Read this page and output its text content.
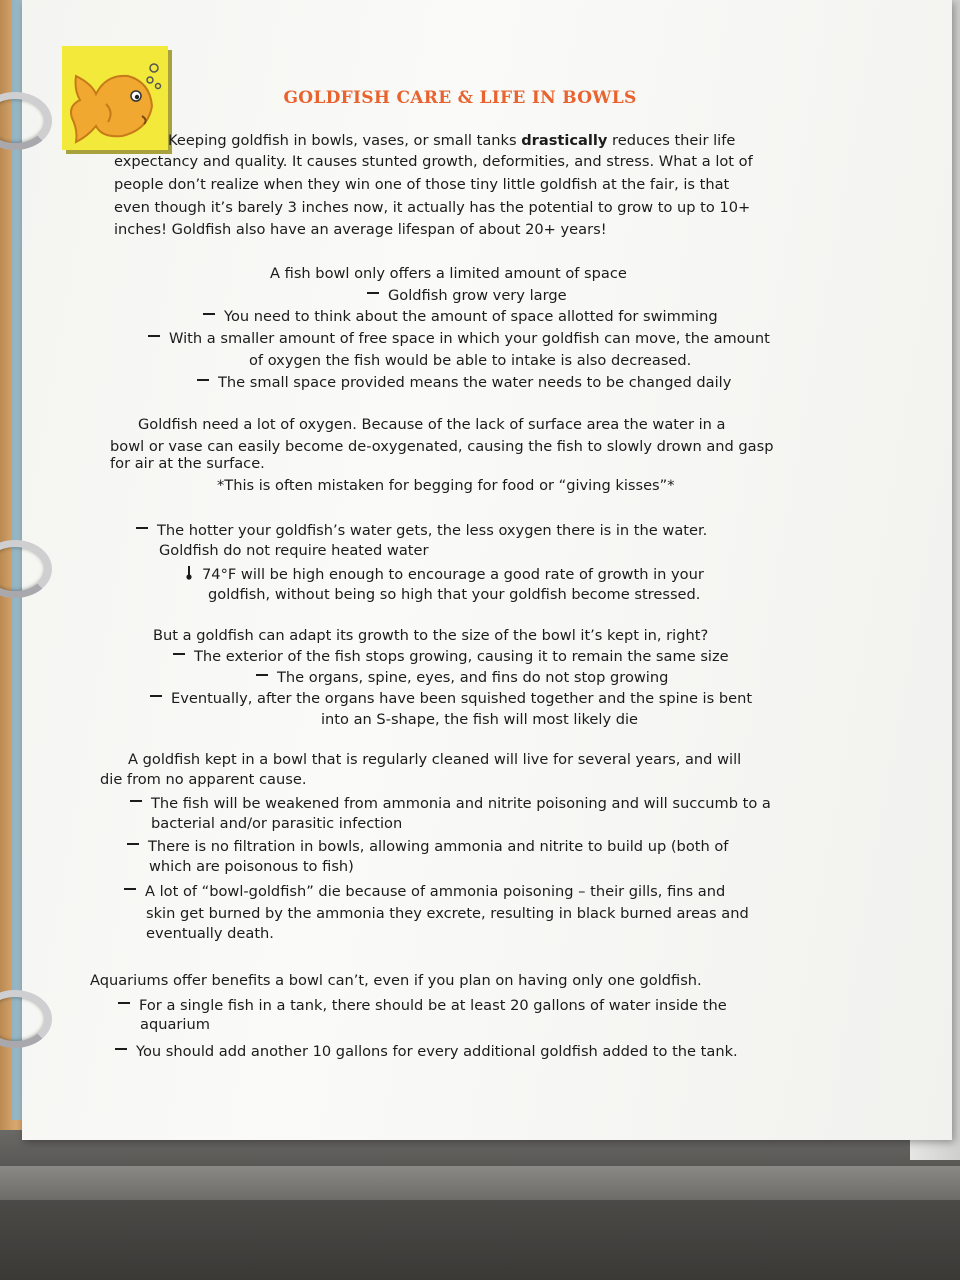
GOLDFISH CARE & LIFE IN BOWLS
Keeping goldfish in bowls, vases, or small tanks drastically reduces their life
expectancy and quality. It causes stunted growth, deformities, and stress. What a lot of
people don’t realize when they win one of those tiny little goldfish at the fair, is that
even though it’s barely 3 inches now, it actually has the potential to grow to up to 10+
inches! Goldfish also have an average lifespan of about 20+ years!
A fish bowl only offers a limited amount of space
Goldfish grow very large
You need to think about the amount of space allotted for swimming
With a smaller amount of free space in which your goldfish can move, the amount
of oxygen the fish would be able to intake is also decreased.
The small space provided means the water needs to be changed daily
Goldfish need a lot of oxygen. Because of the lack of surface area the water in a
bowl or vase can easily become de-oxygenated, causing the fish to slowly drown and gasp
for air at the surface.
*This is often mistaken for begging for food or “giving kisses”*
The hotter your goldfish’s water gets, the less oxygen there is in the water.
Goldfish do not require heated water
74°F will be high enough to encourage a good rate of growth in your
goldfish, without being so high that your goldfish become stressed.
But a goldfish can adapt its growth to the size of the bowl it’s kept in, right?
The exterior of the fish stops growing, causing it to remain the same size
The organs, spine, eyes, and fins do not stop growing
Eventually, after the organs have been squished together and the spine is bent
into an S-shape, the fish will most likely die
A goldfish kept in a bowl that is regularly cleaned will live for several years, and will
die from no apparent cause.
The fish will be weakened from ammonia and nitrite poisoning and will succumb to a
bacterial and/or parasitic infection
There is no filtration in bowls, allowing ammonia and nitrite to build up (both of
which are poisonous to fish)
A lot of “bowl-goldfish” die because of ammonia poisoning – their gills, fins and
skin get burned by the ammonia they excrete, resulting in black burned areas and
eventually death.
Aquariums offer benefits a bowl can’t, even if you plan on having only one goldfish.
For a single fish in a tank, there should be at least 20 gallons of water inside the
aquarium
You should add another 10 gallons for every additional goldfish added to the tank.
